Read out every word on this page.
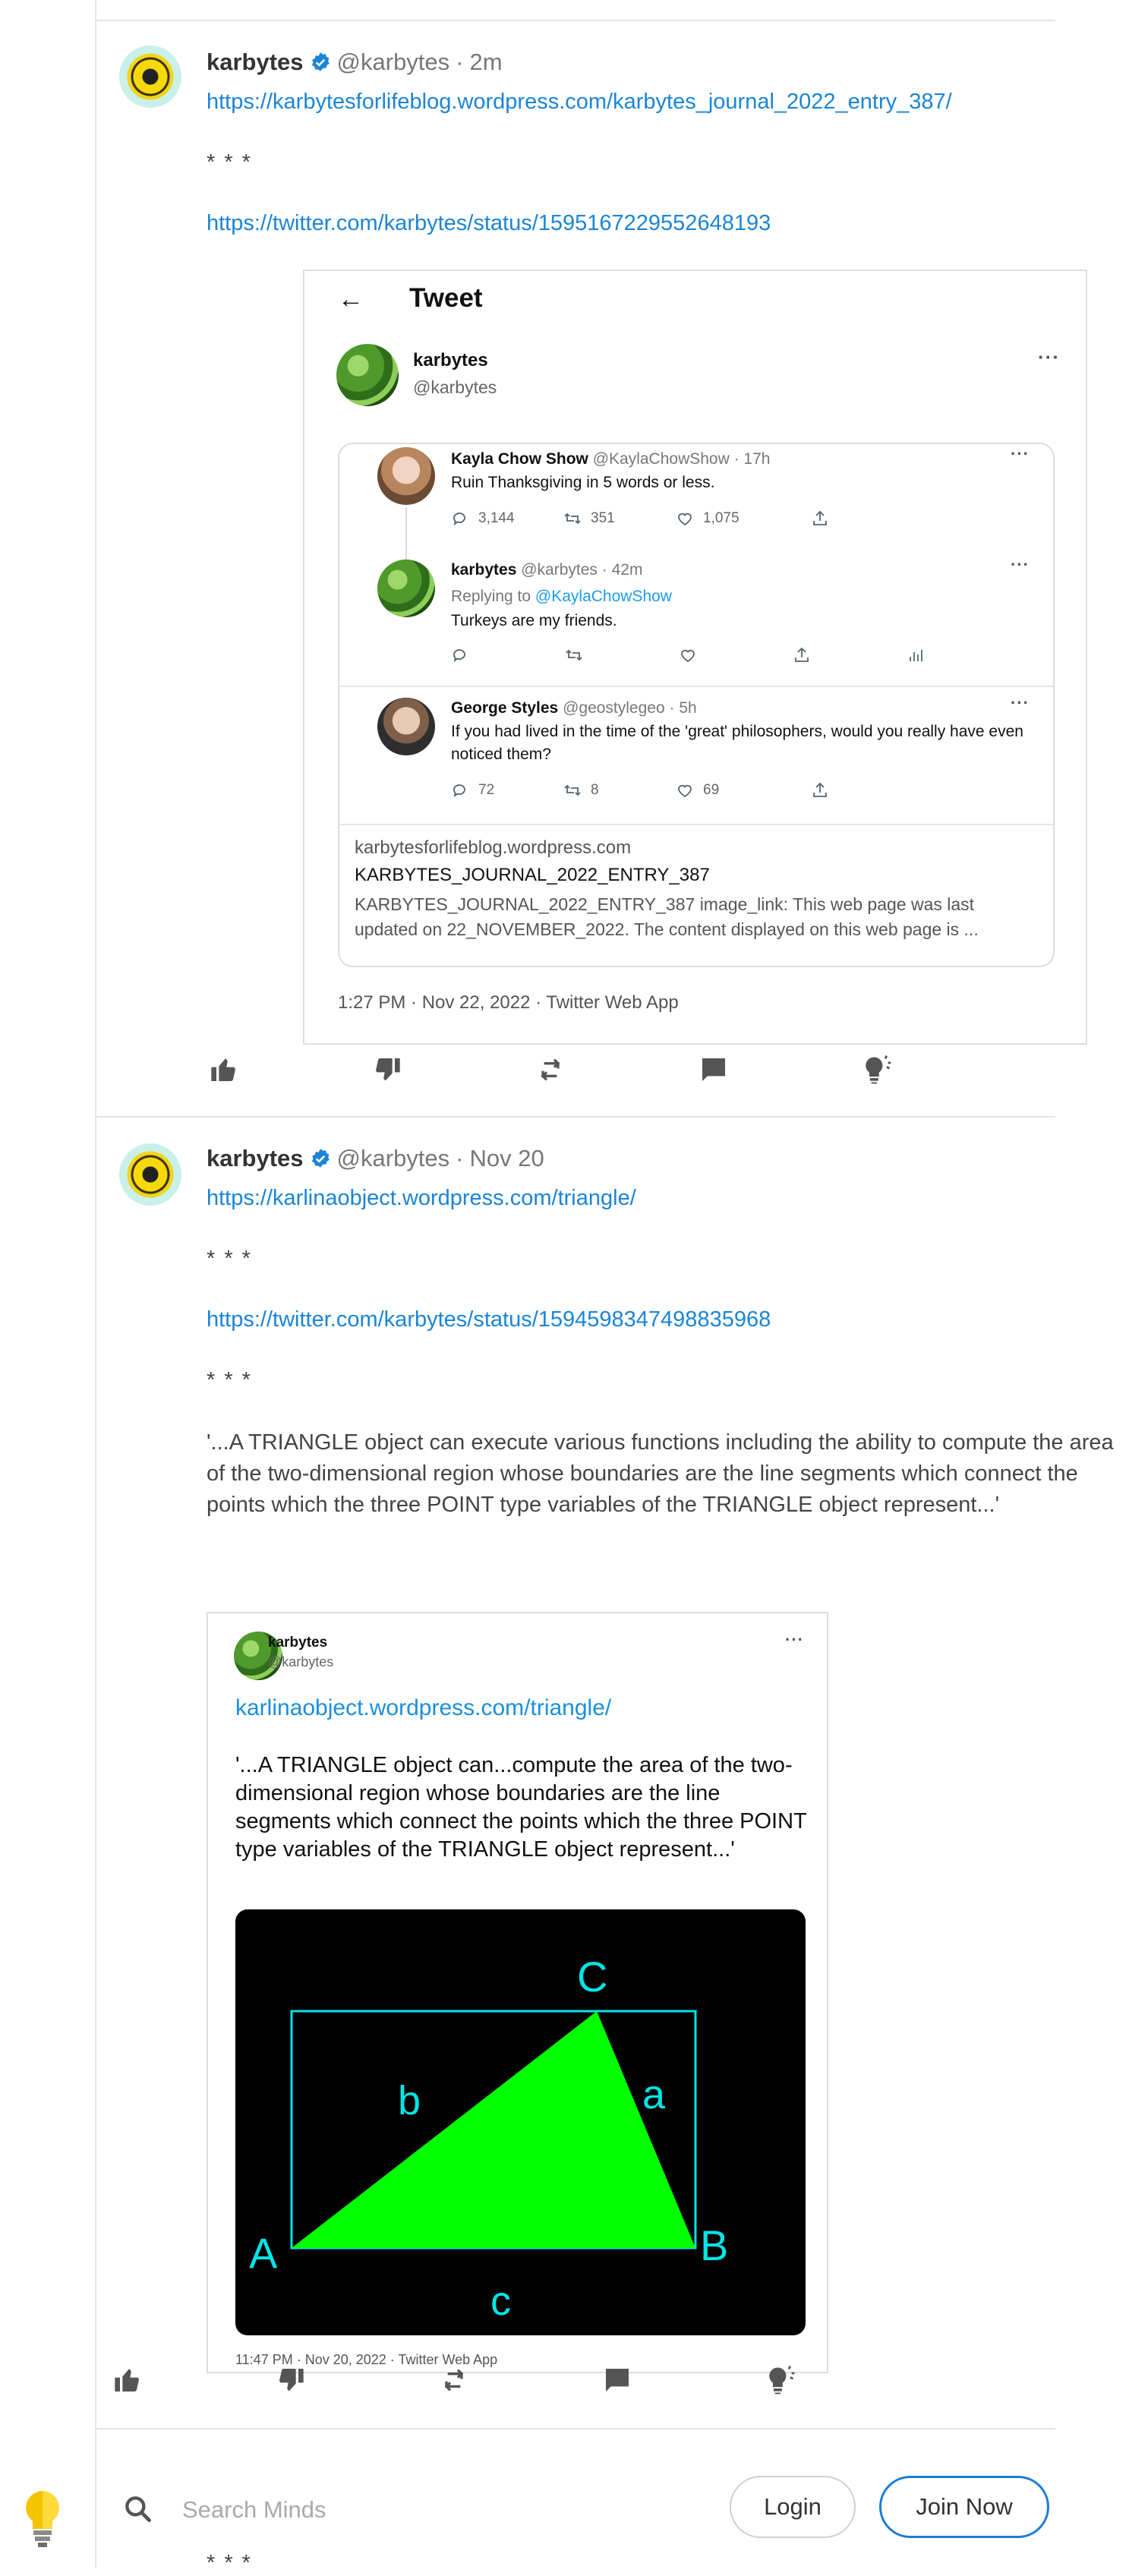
karbytes @karbytes · 2m
https://karbytesforlifeblog.wordpress.com/karbytes_journal_2022_entry_387/
* * *
https://twitter.com/karbytes/status/1595167229552648193
← Tweet
karbytes
@karbytes
···
Kayla Chow Show @KaylaChowShow · 17h	···
Ruin Thanksgiving in 5 words or less.
3,144	351	1,075
karbytes @karbytes · 42m	···
Replying to @KaylaChowShow
Turkeys are my friends.
George Styles @geostylegeo · 5h	···
If you had lived in the time of the 'great' philosophers, would you really have even noticed them?
72	8	69
karbytesforlifeblog.wordpress.com
KARBYTES_JOURNAL_2022_ENTRY_387
KARBYTES_JOURNAL_2022_ENTRY_387 image_link: This web page was last updated on 22_NOVEMBER_2022. The content displayed on this web page is ...
1:27 PM · Nov 22, 2022 · Twitter Web App
karbytes @karbytes · Nov 20
https://karlinaobject.wordpress.com/triangle/
* * *
https://twitter.com/karbytes/status/1594598347498835968
* * *
'...A TRIANGLE object can execute various functions including the ability to compute the area of the two-dimensional region whose boundaries are the line segments which connect the points which the three POINT type variables of the TRIANGLE object represent...'
karbytes
@karbytes
···
karlinaobject.wordpress.com/triangle/
'...A TRIANGLE object can...compute the area of the two-dimensional region whose boundaries are the line segments which connect the points which the three POINT type variables of the TRIANGLE object represent...'
A	B
C
a
b
c
11:47 PM · Nov 20, 2022 · Twitter Web App
* * *
Search Minds
Login	Join Now
